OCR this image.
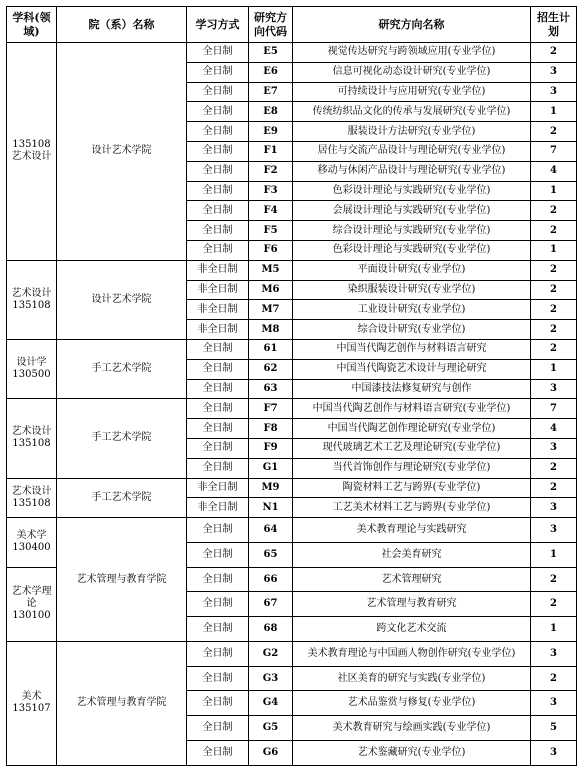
学科(领域)	院（系）名称	学习方式	研究方向代码	研究方向名称	招生计划
135108艺术设计	设计艺术学院	全日制	E5	视觉传达研究与跨领域应用(专业学位)	2
		全日制	E6	信息可视化动态设计研究(专业学位)	3
		全日制	E7	可持续设计与应用研究(专业学位)	3
		全日制	E8	传统纺织品文化的传承与发展研究(专业学位)	1
		全日制	E9	服装设计方法研究(专业学位)	2
		全日制	F1	居住与交流产品设计与理论研究(专业学位)	7
		全日制	F2	移动与休闲产品设计与理论研究(专业学位)	4
		全日制	F3	色彩设计理论与实践研究(专业学位)	1
		全日制	F4	会展设计理论与实践研究(专业学位)	2
		全日制	F5	综合设计理论与实践研究(专业学位)	2
		全日制	F6	色彩设计理论与实践研究(专业学位)	1
艺术设计135108	设计艺术学院	非全日制	M5	平面设计研究(专业学位)	2
		非全日制	M6	染织服装设计研究(专业学位)	2
		非全日制	M7	工业设计研究(专业学位)	2
		非全日制	M8	综合设计研究(专业学位)	2
设计学130500	手工艺术学院	全日制	61	中国当代陶艺创作与材料语言研究	2
		全日制	62	中国当代陶瓷艺术设计与理论研究	1
		全日制	63	中国漆技法修复研究与创作	3
艺术设计135108	手工艺术学院	全日制	F7	中国当代陶艺创作与材料语言研究(专业学位)	7
		全日制	F8	中国当代陶艺创作理论研究(专业学位)	4
		全日制	F9	现代玻璃艺术工艺及理论研究(专业学位)	3
		全日制	G1	当代首饰创作与理论研究(专业学位)	2
艺术设计135108	手工艺术学院	非全日制	M9	陶瓷材料工艺与跨界(专业学位)	2
		非全日制	N1	工艺美术材料工艺与跨界(专业学位)	3
美术学130400	艺术管理与教育学院	全日制	64	美术教育理论与实践研究	3
		全日制	65	社会美育研究	1
艺术学理论130100		全日制	66	艺术管理研究	2
		全日制	67	艺术管理与教育研究	2
		全日制	68	跨文化艺术交流	1
美术135107	艺术管理与教育学院	全日制	G2	美术教育理论与中国画人物创作研究(专业学位)	3
		全日制	G3	社区美育的研究与实践(专业学位)	2
		全日制	G4	艺术品鉴赏与修复(专业学位)	3
		全日制	G5	美术教育研究与绘画实践(专业学位)	5
		全日制	G6	艺术鉴藏研究(专业学位)	3
